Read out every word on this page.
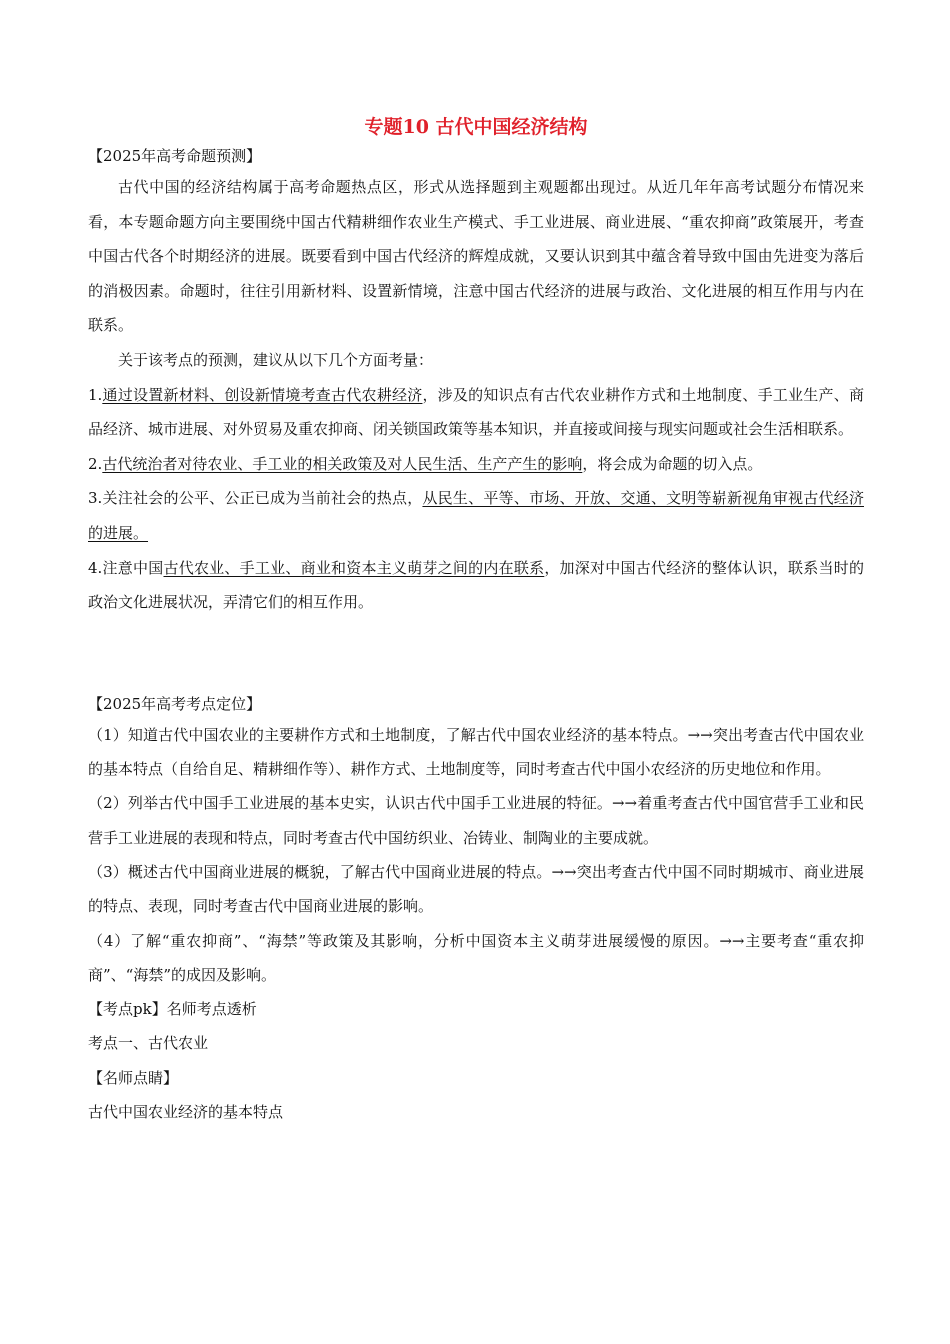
专题10 古代中国经济结构

【2025年高考命题预测】

古代中国的经济结构属于高考命题热点区，形式从选择题到主观题都出现过。从近几年年高考试题分布情况来看，本专题命题方向主要围绕中国古代精耕细作农业生产模式、手工业进展、商业进展、“重农抑商”政策展开，考查中国古代各个时期经济的进展。既要看到中国古代经济的辉煌成就，又要认识到其中蕴含着导致中国由先进变为落后的消极因素。命题时，往往引用新材料、设置新情境，注意中国古代经济的进展与政治、文化进展的相互作用与内在联系。

关于该考点的预测，建议从以下几个方面考量：

1.通过设置新材料、创设新情境考查古代农耕经济，涉及的知识点有古代农业耕作方式和土地制度、手工业生产、商品经济、城市进展、对外贸易及重农抑商、闭关锁国政策等基本知识，并直接或间接与现实问题或社会生活相联系。

2.古代统治者对待农业、手工业的相关政策及对人民生活、生产产生的影响，将会成为命题的切入点。

3.关注社会的公平、公正已成为当前社会的热点，从民生、平等、市场、开放、交通、文明等崭新视角审视古代经济的进展。

4.注意中国古代农业、手工业、商业和资本主义萌芽之间的内在联系，加深对中国古代经济的整体认识，联系当时的政治文化进展状况，弄清它们的相互作用。

【2025年高考考点定位】

（1）知道古代中国农业的主要耕作方式和土地制度，了解古代中国农业经济的基本特点。→→突出考查古代中国农业的基本特点（自给自足、精耕细作等）、耕作方式、土地制度等，同时考查古代中国小农经济的历史地位和作用。

（2）列举古代中国手工业进展的基本史实，认识古代中国手工业进展的特征。→→着重考查古代中国官营手工业和民营手工业进展的表现和特点，同时考查古代中国纺织业、冶铸业、制陶业的主要成就。

（3）概述古代中国商业进展的概貌，了解古代中国商业进展的特点。→→突出考查古代中国不同时期城市、商业进展的特点、表现，同时考查古代中国商业进展的影响。

（4）了解“重农抑商”、“海禁”等政策及其影响，分析中国资本主义萌芽进展缓慢的原因。→→主要考查“重农抑商”、“海禁”的成因及影响。

【考点pk】名师考点透析

考点一、古代农业

【名师点睛】

古代中国农业经济的基本特点
